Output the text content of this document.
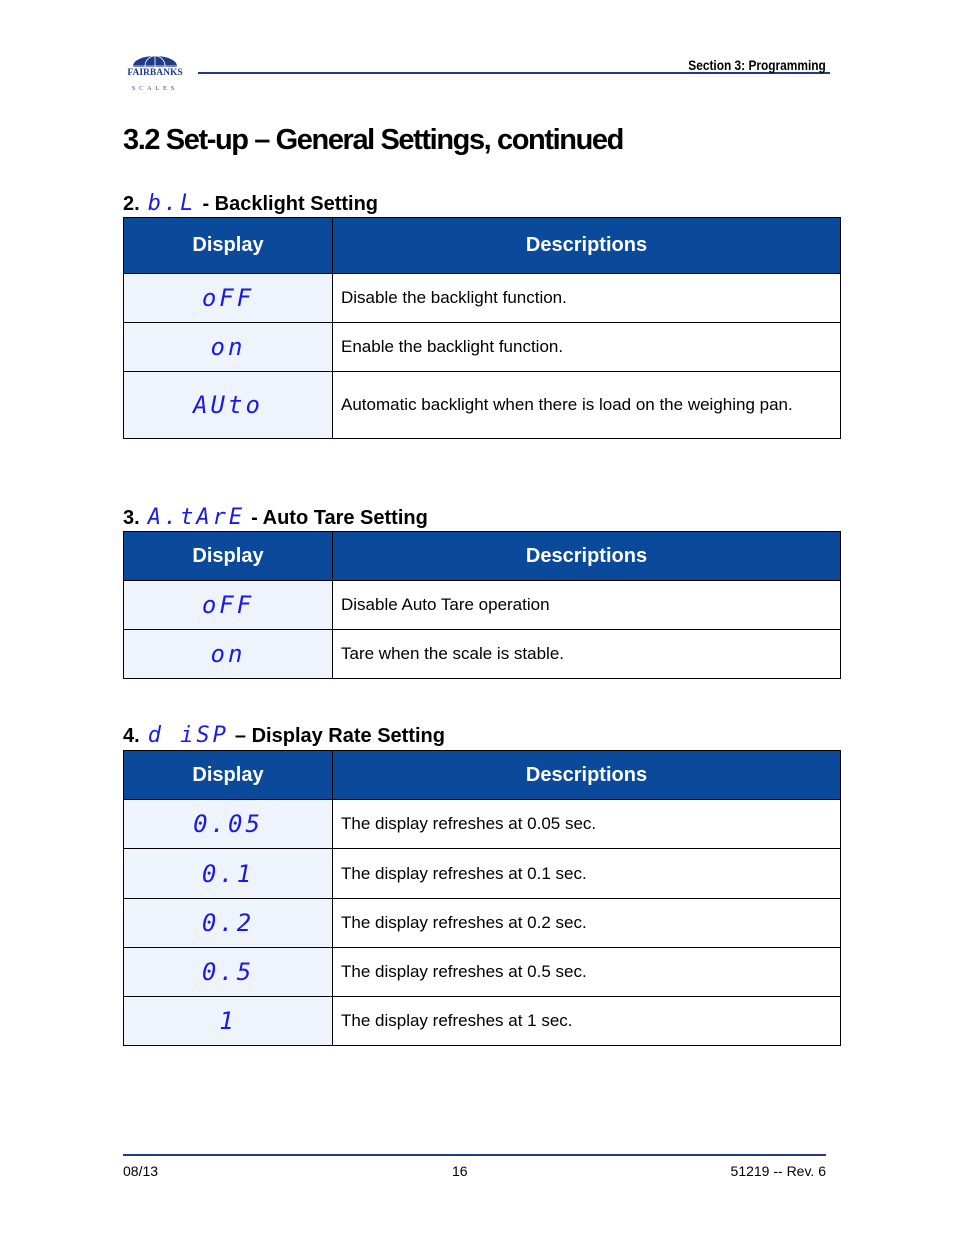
FAIRBANKS
SCALES
Section 3: Programming
3.2 Set-up – General Settings, continued
2. b.L - Backlight Setting
Display	Descriptions
oFF	Disable the backlight function.
on	Enable the backlight function.
AUto	Automatic backlight when there is load on the weighing pan.
3. A.tArE - Auto Tare Setting
Display	Descriptions
oFF	Disable Auto Tare operation
on	Tare when the scale is stable.
4. d iSP – Display Rate Setting
Display	Descriptions
0.05	The display refreshes at 0.05 sec.
0.1	The display refreshes at 0.1 sec.
0.2	The display refreshes at 0.2 sec.
0.5	The display refreshes at 0.5 sec.
1	The display refreshes at 1 sec.
08/13	16	51219 -- Rev. 6
